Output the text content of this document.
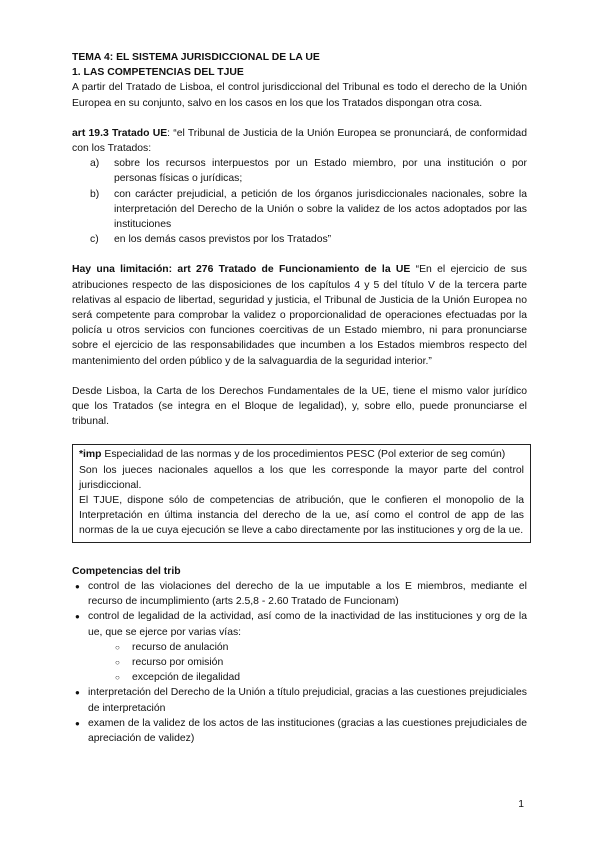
TEMA 4: EL SISTEMA JURISDICCIONAL DE LA UE

1. LAS COMPETENCIAS DEL TJUE

A partir del Tratado de Lisboa, el control jurisdiccional del Tribunal es todo el derecho de la Unión Europea en su conjunto, salvo en los casos en los que los Tratados dispongan otra cosa.

art 19.3 Tratado UE: “el Tribunal de Justicia de la Unión Europea se pronunciará, de conformidad con los Tratados:

a) sobre los recursos interpuestos por un Estado miembro, por una institución o por personas físicas o jurídicas;
b) con carácter prejudicial, a petición de los órganos jurisdiccionales nacionales, sobre la interpretación del Derecho de la Unión o sobre la validez de los actos adoptados por las instituciones
c) en los demás casos previstos por los Tratados”

Hay una limitación: art 276 Tratado de Funcionamiento de la UE “En el ejercicio de sus atribuciones respecto de las disposiciones de los capítulos 4 y 5 del título V de la tercera parte relativas al espacio de libertad, seguridad y justicia, el Tribunal de Justicia de la Unión Europea no será competente para comprobar la validez o proporcionalidad de operaciones efectuadas por la policía u otros servicios con funciones coercitivas de un Estado miembro, ni para pronunciarse sobre el ejercicio de las responsabilidades que incumben a los Estados miembros respecto del mantenimiento del orden público y de la salvaguardia de la seguridad interior.”

Desde Lisboa, la Carta de los Derechos Fundamentales de la UE, tiene el mismo valor jurídico que los Tratados (se integra en el Bloque de legalidad), y, sobre ello, puede pronunciarse el tribunal.

*imp Especialidad de las normas y de los procedimientos PESC (Pol exterior de seg común)

Son los jueces nacionales aquellos a los que les corresponde la mayor parte del control jurisdiccional.

El TJUE, dispone sólo de competencias de atribución, que le confieren el monopolio de la Interpretación en última instancia del derecho de la ue, así como el control de app de las normas de la ue cuya ejecución se lleve a cabo directamente por las instituciones y org de la ue.

Competencias del trib

● control de las violaciones del derecho de la ue imputable a los E miembros, mediante el recurso de incumplimiento (arts 2.5,8 - 2.60 Tratado de Funcionam)
● control de legalidad de la actividad, así como de la inactividad de las instituciones y org de la ue, que se ejerce por varias vías:
○ recurso de anulación
○ recurso por omisión
○ excepción de ilegalidad
● interpretación del Derecho de la Unión a título prejudicial, gracias a las cuestiones prejudiciales de interpretación
● examen de la validez de los actos de las instituciones (gracias a las cuestiones prejudiciales de apreciación de validez)
1
